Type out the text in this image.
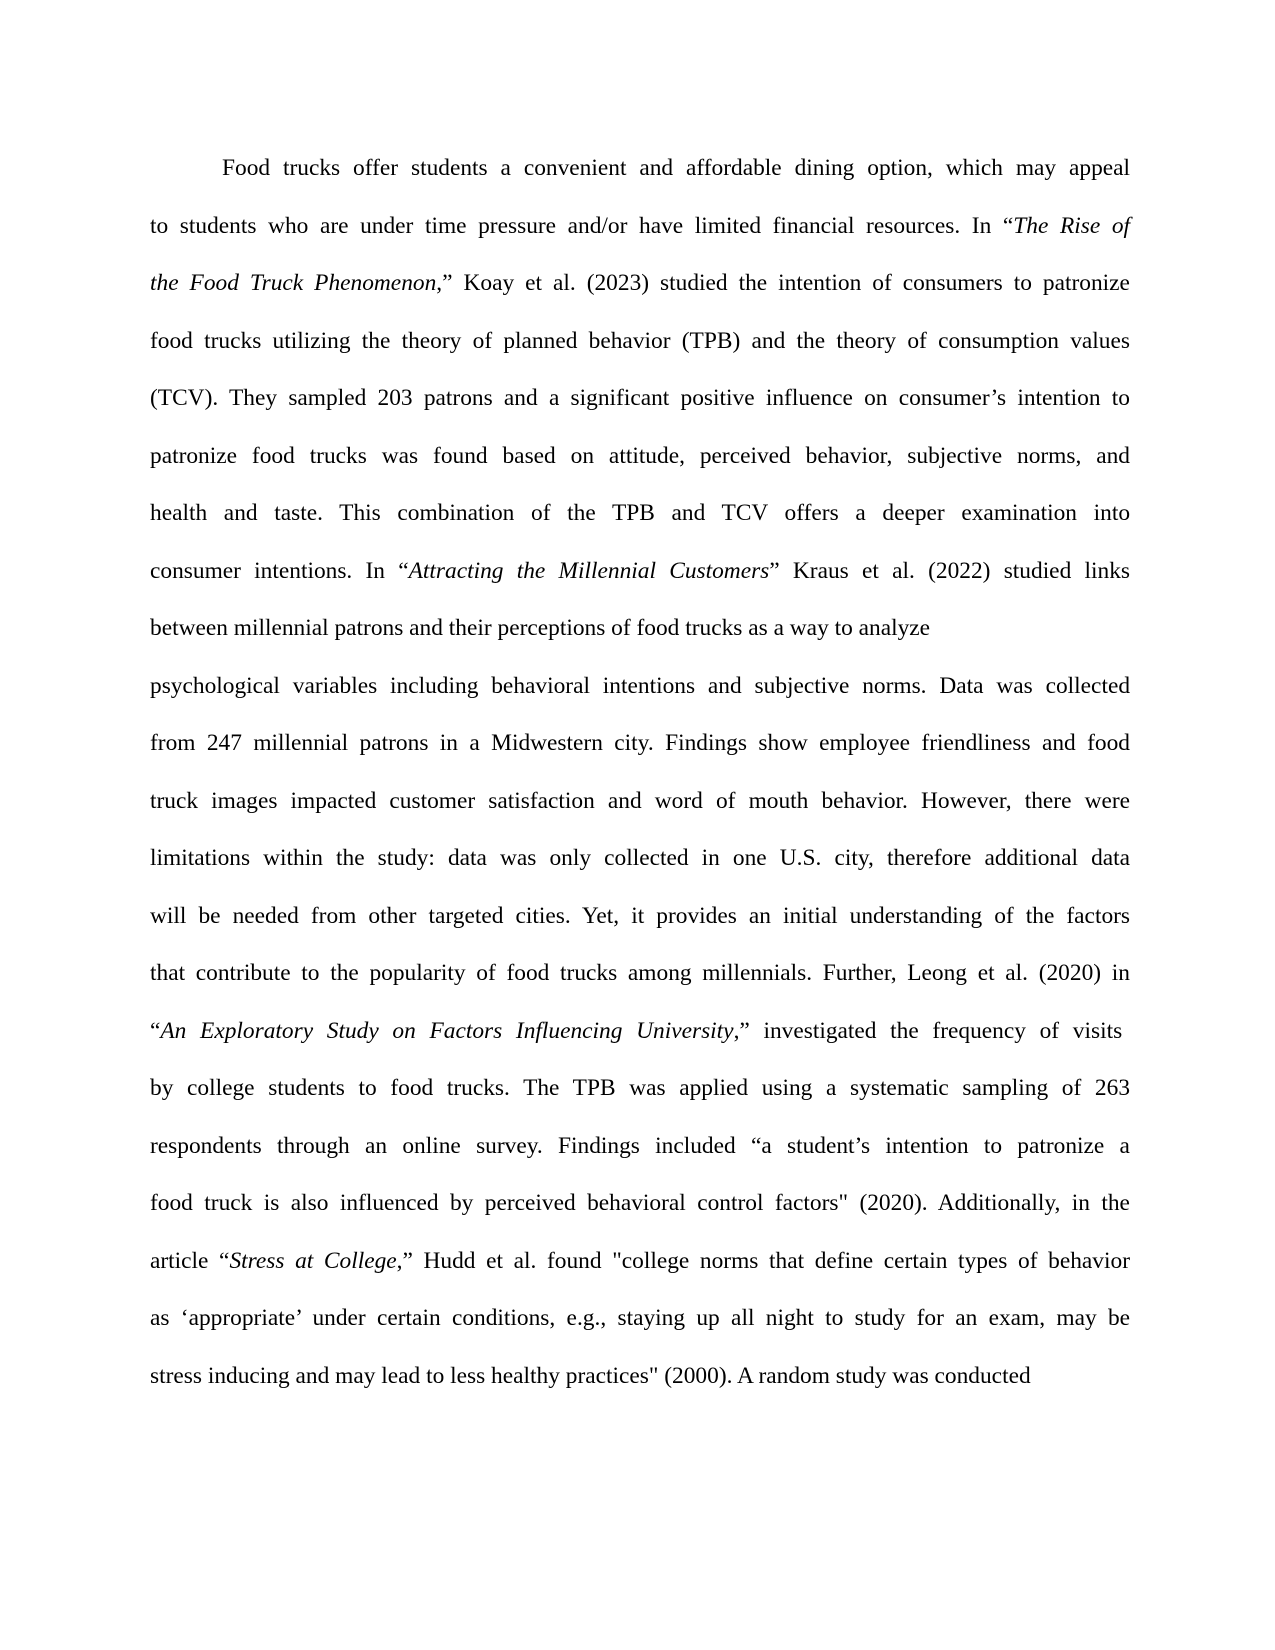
Food trucks offer students a convenient and affordable dining option, which may appeal
to students who are under time pressure and/or have limited financial resources. In “The Rise of
the Food Truck Phenomenon,” Koay et al. (2023) studied the intention of consumers to patronize
food trucks utilizing the theory of planned behavior (TPB) and the theory of consumption values
(TCV). They sampled 203 patrons and a significant positive influence on consumer’s intention to
patronize food trucks was found based on attitude, perceived behavior, subjective norms, and
health and taste. This combination of the TPB and TCV offers a deeper examination into
consumer intentions. In “Attracting the Millennial Customers” Kraus et al. (2022) studied links
between millennial patrons and their perceptions of food trucks as a way to analyze
psychological variables including behavioral intentions and subjective norms. Data was collected
from 247 millennial patrons in a Midwestern city. Findings show employee friendliness and food
truck images impacted customer satisfaction and word of mouth behavior. However, there were
limitations within the study: data was only collected in one U.S. city, therefore additional data
will be needed from other targeted cities. Yet, it provides an initial understanding of the factors
that contribute to the popularity of food trucks among millennials. Further, Leong et al. (2020) in
“An Exploratory Study on Factors Influencing University,” investigated the frequency of visits
by college students to food trucks. The TPB was applied using a systematic sampling of 263
respondents through an online survey. Findings included “a student’s intention to patronize a
food truck is also influenced by perceived behavioral control factors" (2020). Additionally, in the
article “Stress at College,” Hudd et al. found "college norms that define certain types of behavior
as ‘appropriate’ under certain conditions, e.g., staying up all night to study for an exam, may be
stress inducing and may lead to less healthy practices" (2000). A random study was conducted
